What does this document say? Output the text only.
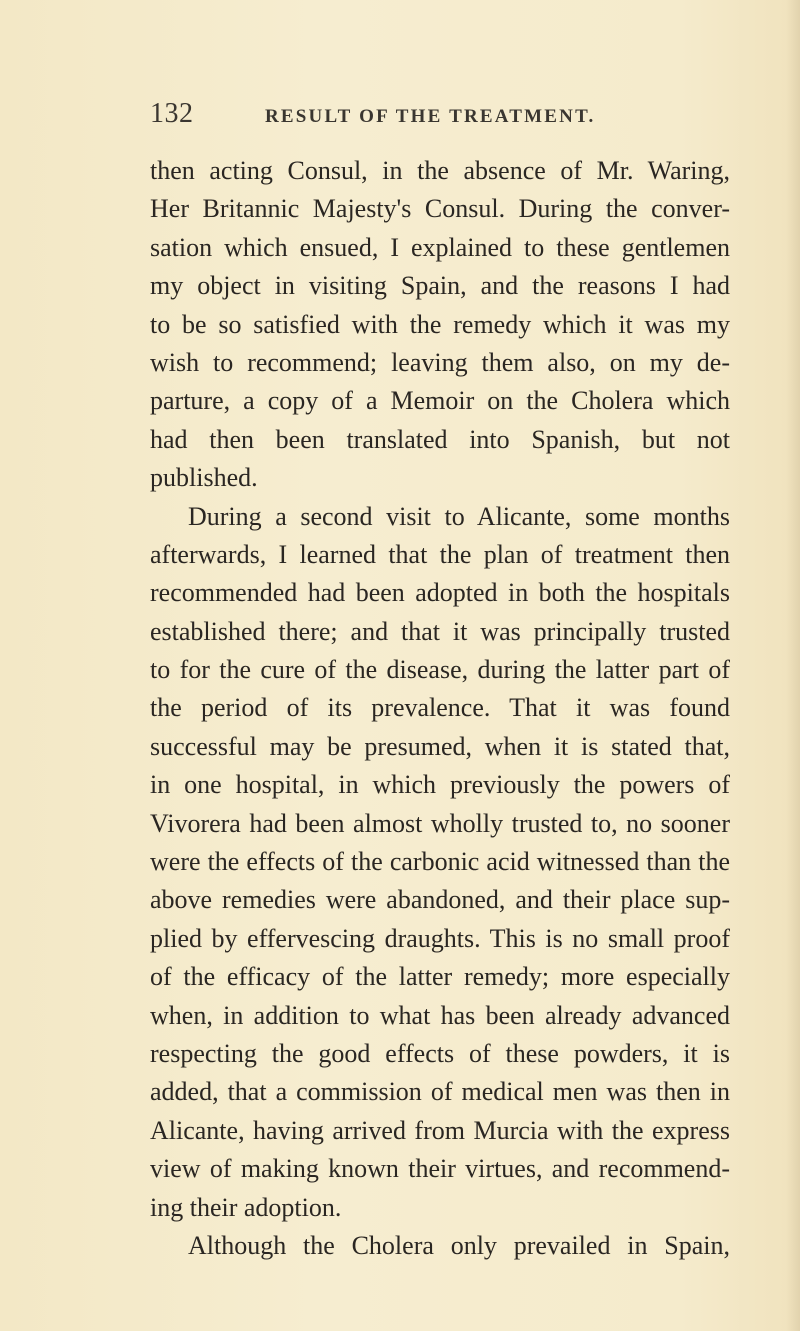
132	RESULT OF THE TREATMENT.
then acting Consul, in the absence of Mr. Waring,
Her Britannic Majesty's Consul. During the conver-
sation which ensued, I explained to these gentlemen
my object in visiting Spain, and the reasons I had
to be so satisfied with the remedy which it was my
wish to recommend; leaving them also, on my de-
parture, a copy of a Memoir on the Cholera which
had then been translated into Spanish, but not
published.
During a second visit to Alicante, some months
afterwards, I learned that the plan of treatment then
recommended had been adopted in both the hospitals
established there; and that it was principally trusted
to for the cure of the disease, during the latter part of
the period of its prevalence. That it was found
successful may be presumed, when it is stated that,
in one hospital, in which previously the powers of
Vivorera had been almost wholly trusted to, no sooner
were the effects of the carbonic acid witnessed than the
above remedies were abandoned, and their place sup-
plied by effervescing draughts. This is no small proof
of the efficacy of the latter remedy; more especially
when, in addition to what has been already advanced
respecting the good effects of these powders, it is
added, that a commission of medical men was then in
Alicante, having arrived from Murcia with the express
view of making known their virtues, and recommend-
ing their adoption.
Although the Cholera only prevailed in Spain,
